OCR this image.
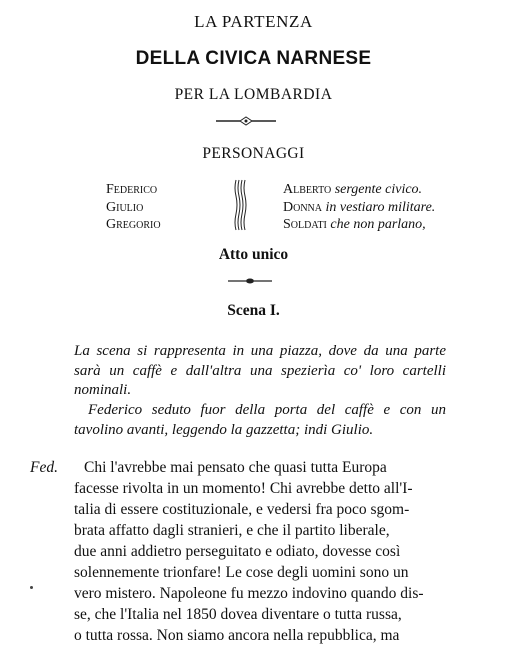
LA PARTENZA
DELLA CIVICA NARNESE
PER LA LOMBARDIA
PERSONAGGI
Federico
Giulio
Gregorio
Alberto sergente civico.
Donna in vestiaro militare.
Soldati che non parlano,
Atto unico
Scena I.
La scena si rappresenta in una piazza, dove da una parte sarà un caffè e dall'altra una spezierìa co' loro cartelli nominali.
Federico seduto fuor della porta del caffè e con un tavolino avanti, leggendo la gazzetta; indi Giulio.
Fed. Chi l'avrebbe mai pensato che quasi tutta Europa
facesse rivolta in un momento! Chi avrebbe detto all'I-
talia di essere costituzionale, e vedersi fra poco sgom-
brata affatto dagli stranieri, e che il partito liberale,
due anni addietro perseguitato e odiato, dovesse così
solennemente trionfare! Le cose degli uomini sono un
vero mistero. Napoleone fu mezzo indovino quando dis-
se, che l'Italia nel 1850 dovea diventare o tutta russa,
o tutta rossa. Non siamo ancora nella repubblica, ma
